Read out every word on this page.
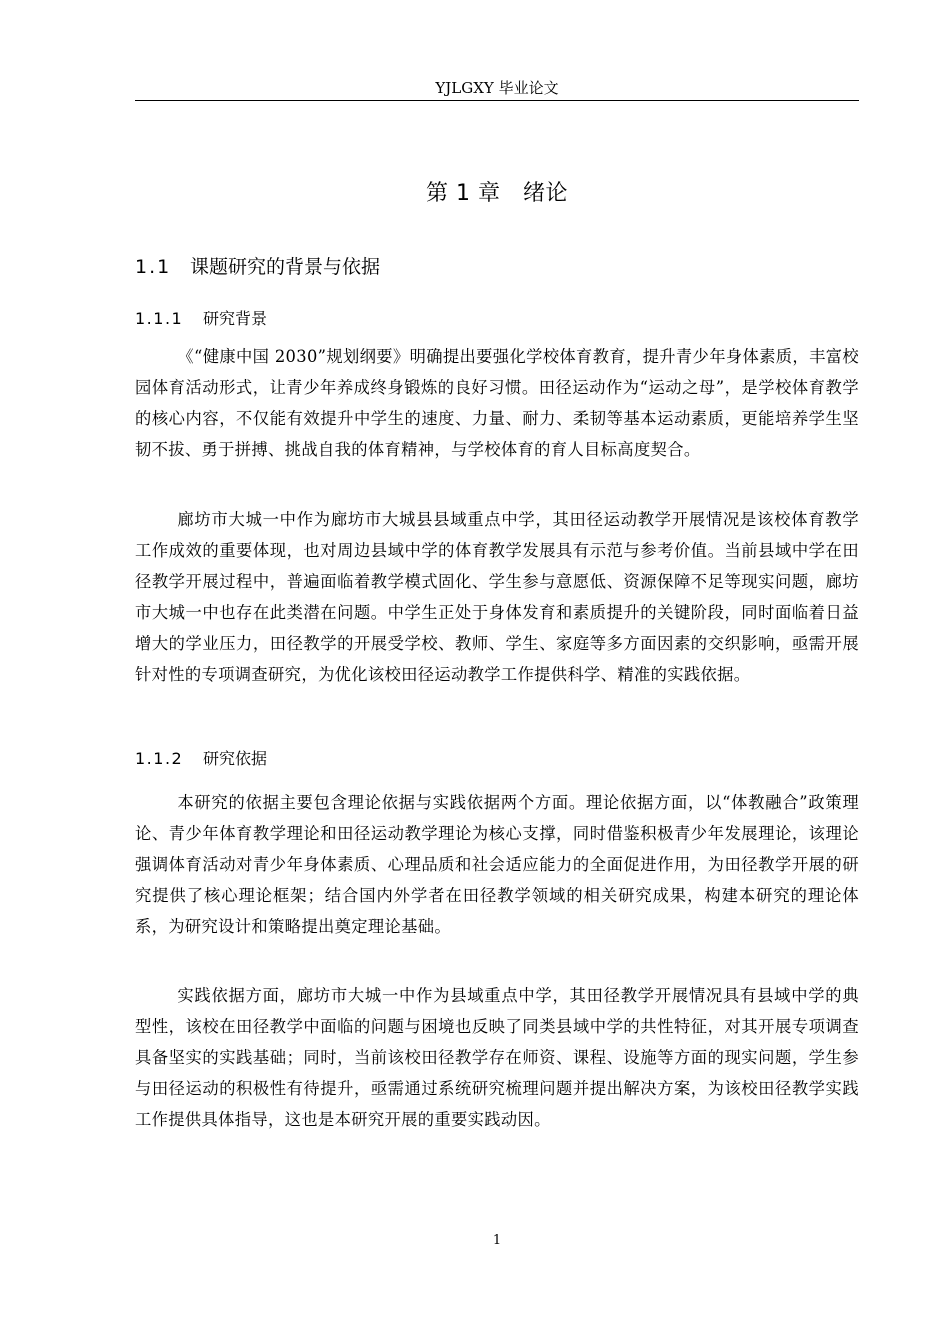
YJLGXY 毕业论文
第 1 章　绪论
1.1 课题研究的背景与依据
1.1.1 研究背景

《“健康中国 2030”规划纲要》明确提出要强化学校体育教育，提升青少年身体素质，丰富校园体育活动形式，让青少年养成终身锻炼的良好习惯。田径运动作为“运动之母”，是学校体育教学的核心内容，不仅能有效提升中学生的速度、力量、耐力、柔韧等基本运动素质，更能培养学生坚韧不拔、勇于拼搏、挑战自我的体育精神，与学校体育的育人目标高度契合。

廊坊市大城一中作为廊坊市大城县县域重点中学，其田径运动教学开展情况是该校体育教学工作成效的重要体现，也对周边县域中学的体育教学发展具有示范与参考价值。当前县域中学在田径教学开展过程中，普遍面临着教学模式固化、学生参与意愿低、资源保障不足等现实问题，廊坊市大城一中也存在此类潜在问题。中学生正处于身体发育和素质提升的关键阶段，同时面临着日益增大的学业压力，田径教学的开展受学校、教师、学生、家庭等多方面因素的交织影响，亟需开展针对性的专项调查研究，为优化该校田径运动教学工作提供科学、精准的实践依据。

1.1.2 研究依据

本研究的依据主要包含理论依据与实践依据两个方面。理论依据方面，以“体教融合”政策理论、青少年体育教学理论和田径运动教学理论为核心支撑，同时借鉴积极青少年发展理论，该理论强调体育活动对青少年身体素质、心理品质和社会适应能力的全面促进作用，为田径教学开展的研究提供了核心理论框架；结合国内外学者在田径教学领域的相关研究成果，构建本研究的理论体系，为研究设计和策略提出奠定理论基础。

实践依据方面，廊坊市大城一中作为县域重点中学，其田径教学开展情况具有县域中学的典型性，该校在田径教学中面临的问题与困境也反映了同类县域中学的共性特征，对其开展专项调查具备坚实的实践基础；同时，当前该校田径教学存在师资、课程、设施等方面的现实问题，学生参与田径运动的积极性有待提升，亟需通过系统研究梳理问题并提出解决方案，为该校田径教学实践工作提供具体指导，这也是本研究开展的重要实践动因。

1
